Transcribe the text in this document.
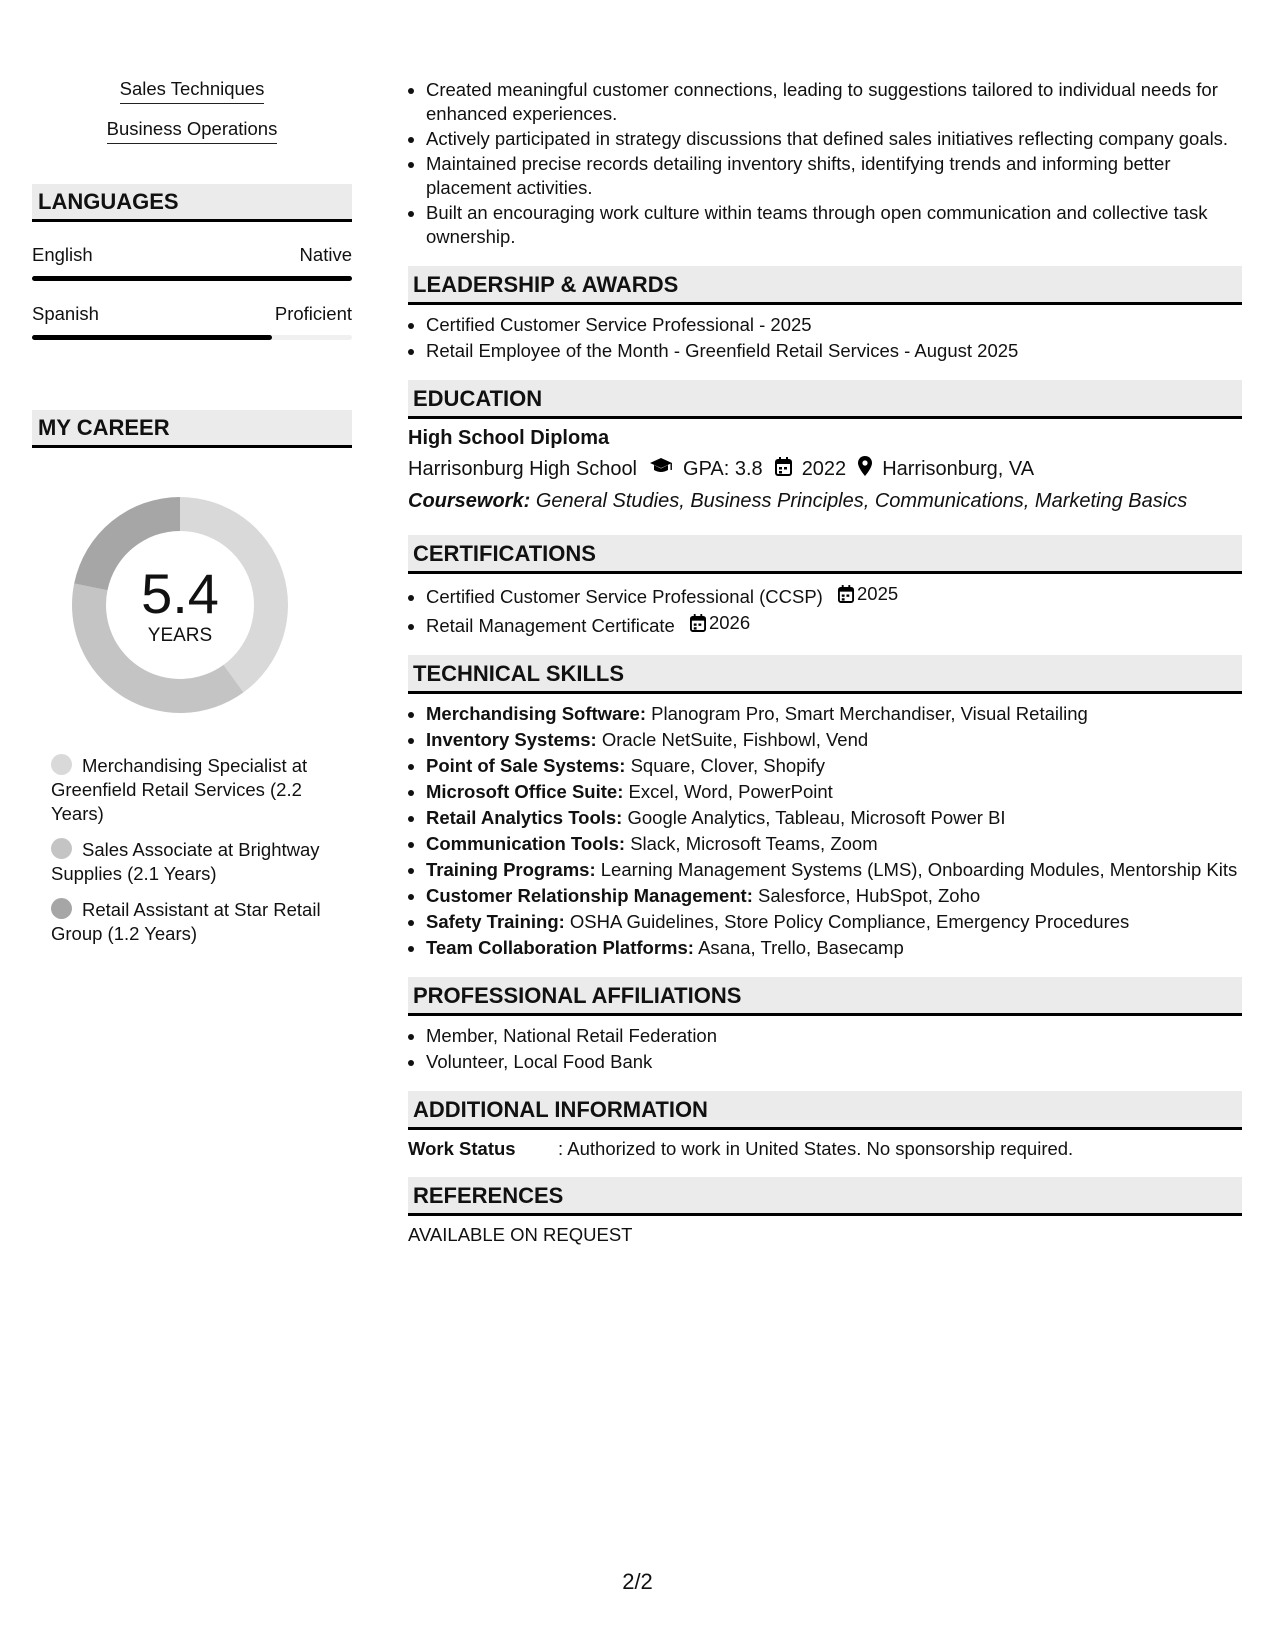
Sales Techniques
Business Operations
LANGUAGES
English	Native
Spanish	Proficient
MY CAREER
5.4
YEARS
Merchandising Specialist at Greenfield Retail Services (2.2 Years)
Sales Associate at Brightway Supplies (2.1 Years)
Retail Assistant at Star Retail Group (1.2 Years)
• Created meaningful customer connections, leading to suggestions tailored to individual needs for enhanced experiences.
• Actively participated in strategy discussions that defined sales initiatives reflecting company goals.
• Maintained precise records detailing inventory shifts, identifying trends and informing better placement activities.
• Built an encouraging work culture within teams through open communication and collective task ownership.
LEADERSHIP & AWARDS
• Certified Customer Service Professional - 2025
• Retail Employee of the Month - Greenfield Retail Services - August 2025
EDUCATION
High School Diploma
Harrisonburg High School GPA: 3.8 2022 Harrisonburg, VA
Coursework: General Studies, Business Principles, Communications, Marketing Basics
CERTIFICATIONS
• Certified Customer Service Professional (CCSP) 2025
• Retail Management Certificate 2026
TECHNICAL SKILLS
• Merchandising Software: Planogram Pro, Smart Merchandiser, Visual Retailing
• Inventory Systems: Oracle NetSuite, Fishbowl, Vend
• Point of Sale Systems: Square, Clover, Shopify
• Microsoft Office Suite: Excel, Word, PowerPoint
• Retail Analytics Tools: Google Analytics, Tableau, Microsoft Power BI
• Communication Tools: Slack, Microsoft Teams, Zoom
• Training Programs: Learning Management Systems (LMS), Onboarding Modules, Mentorship Kits
• Customer Relationship Management: Salesforce, HubSpot, Zoho
• Safety Training: OSHA Guidelines, Store Policy Compliance, Emergency Procedures
• Team Collaboration Platforms: Asana, Trello, Basecamp
PROFESSIONAL AFFILIATIONS
• Member, National Retail Federation
• Volunteer, Local Food Bank
ADDITIONAL INFORMATION
Work Status	: Authorized to work in United States. No sponsorship required.
REFERENCES
AVAILABLE ON REQUEST
2/2
